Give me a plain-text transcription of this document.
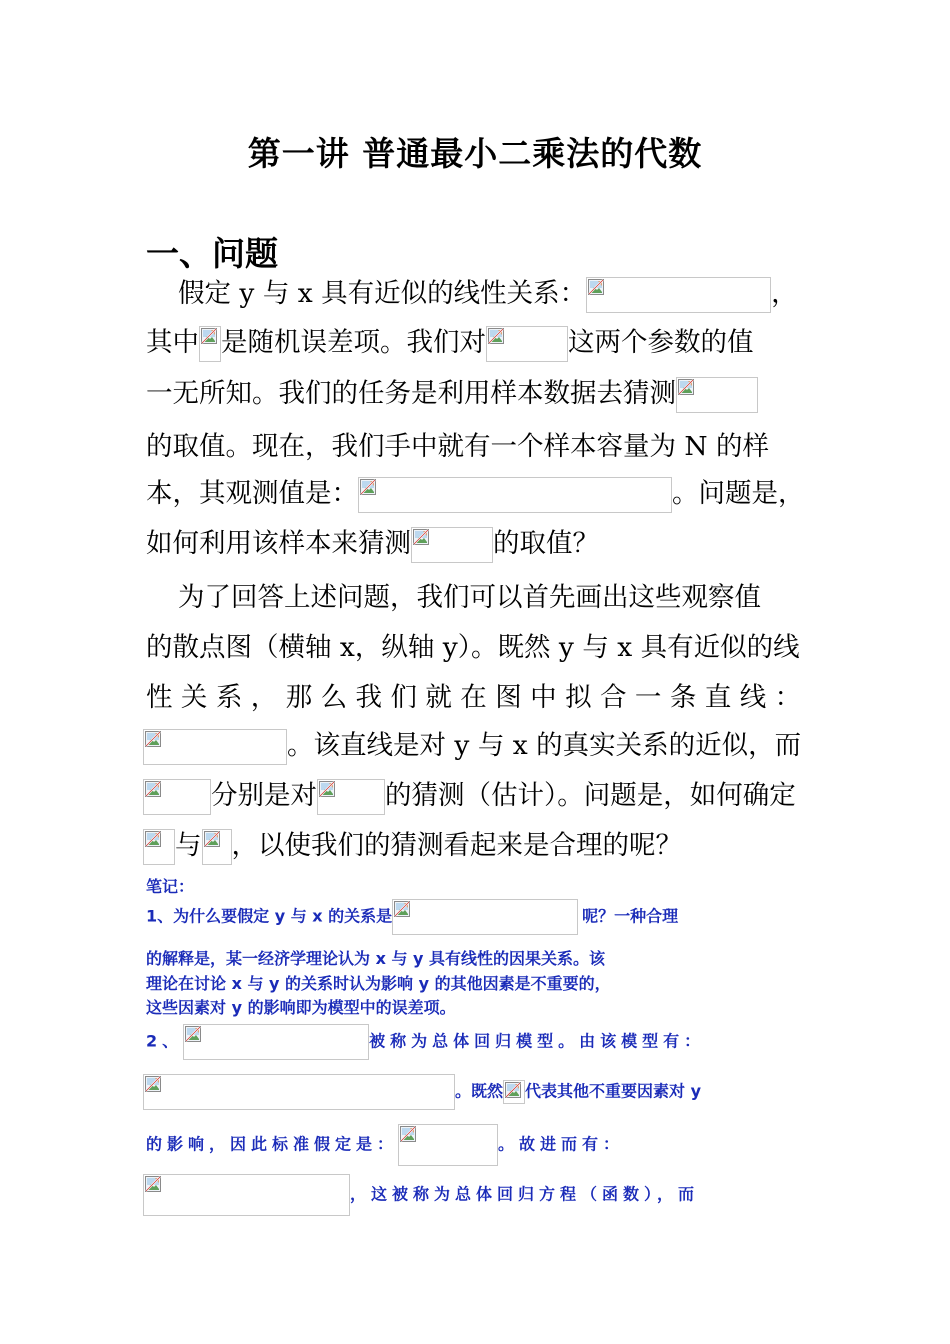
第一讲 普通最小二乘法的代数
一、问题
假定 y 与 x 具有近似的线性关系：	，
其中 是随机误差项。我们对	这两个参数的值
一无所知。我们的任务是利用样本数据去猜测
的取值。现在，我们手中就有一个样本容量为 N 的样
本，其观测值是：	。问题是，
如何利用该样本来猜测	的取值？
为了回答上述问题，我们可以首先画出这些观察值
的散点图（横轴 x，纵轴 y）。既然 y 与 x 具有近似的线
性 关 系 ， 那 么 我 们 就 在 图 中 拟 合 一 条 直 线 ：
。该直线是对 y 与 x 的真实关系的近似，而
分别是对	的猜测（估计）。问题是，如何确定
与 ，以使我们的猜测看起来是合理的呢？
笔记：
1、为什么要假定 y 与 x 的关系是	呢？一种合理
的解释是，某一经济学理论认为 x 与 y 具有线性的因果关系。该
理论在讨论 x 与 y 的关系时认为影响 y 的其他因素是不重要的，
这些因素对 y 的影响即为模型中的误差项。
2、	被称为总体回归模型。由该模型有：
。既然 代表其他不重要因素对 y
的影响，因此标准假定是：	。故进而有：
，这被称为总体回归方程（函数），而
